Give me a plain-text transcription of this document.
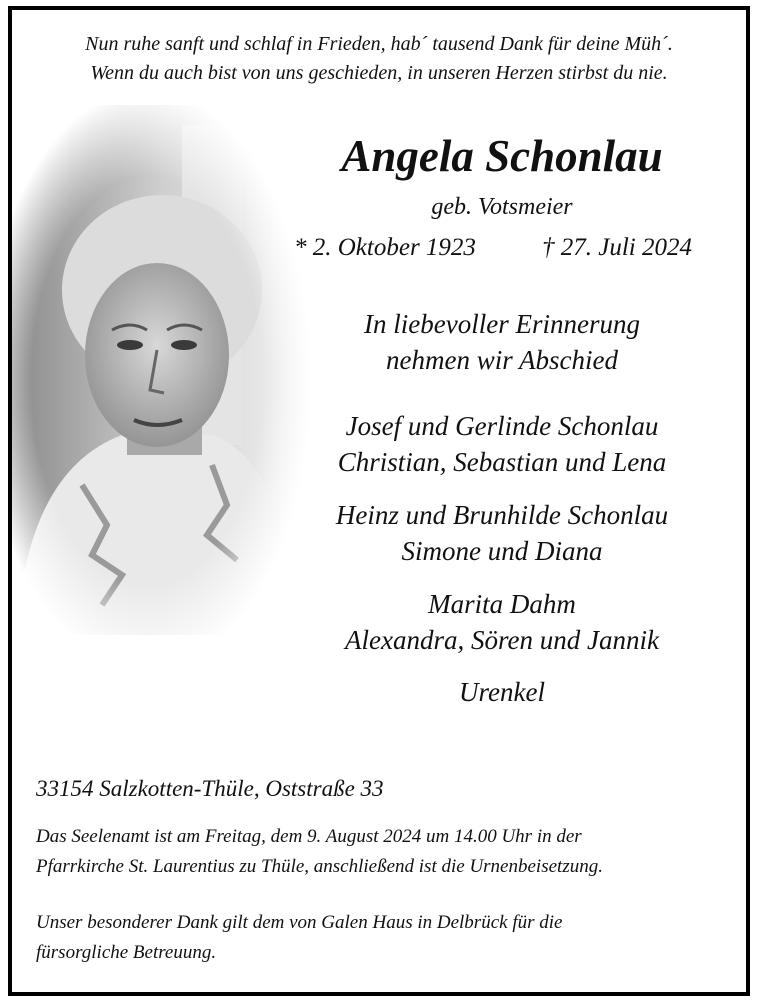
Nun ruhe sanft und schlaf in Frieden, hab´ tausend Dank für deine Müh´.
Wenn du auch bist von uns geschieden, in unseren Herzen stirbst du nie.
Angela Schonlau
geb. Votsmeier
* 2. Oktober 1923	† 27. Juli 2024
In liebevoller Erinnerung
nehmen wir Abschied
Josef und Gerlinde Schonlau
Christian, Sebastian und Lena
Heinz und Brunhilde Schonlau
Simone und Diana
Marita Dahm
Alexandra, Sören und Jannik
Urenkel
33154 Salzkotten-Thüle, Oststraße 33
Das Seelenamt ist am Freitag, dem 9. August 2024 um 14.00 Uhr in der
Pfarrkirche St. Laurentius zu Thüle, anschließend ist die Urnenbeisetzung.
Unser besonderer Dank gilt dem von Galen Haus in Delbrück für die
fürsorgliche Betreuung.
